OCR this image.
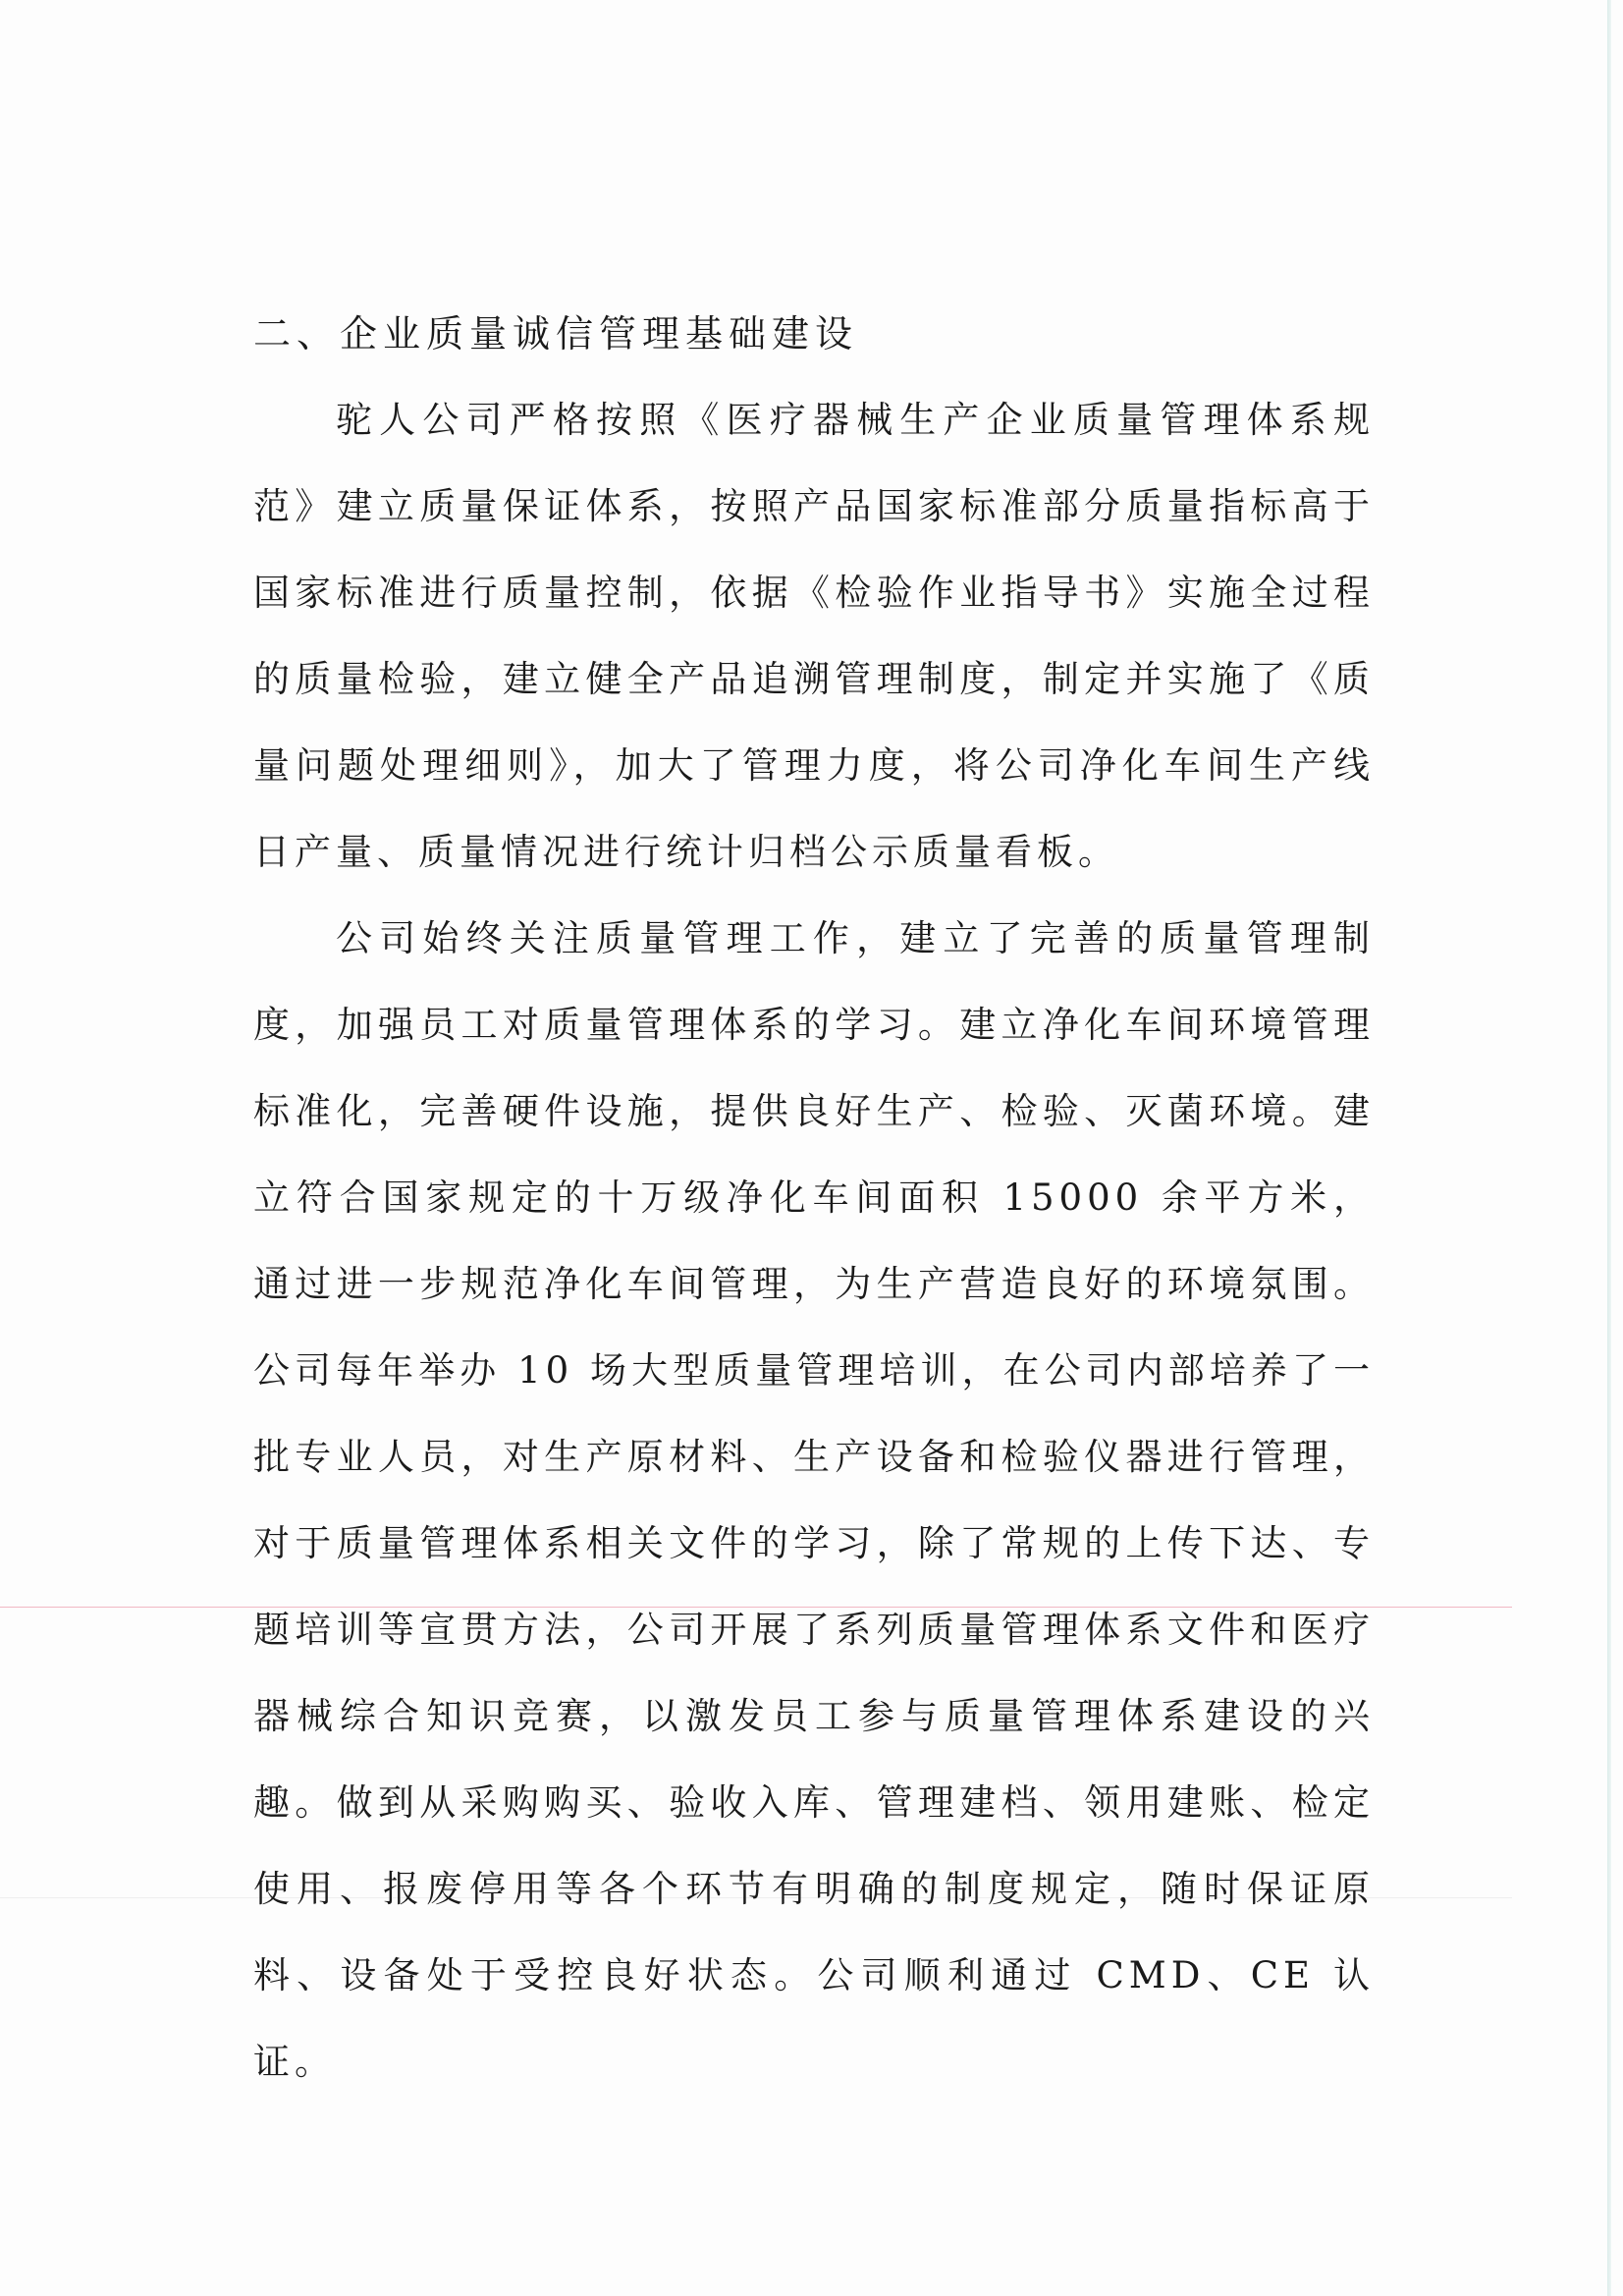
二、企业质量诚信管理基础建设

驼人公司严格按照《医疗器械生产企业质量管理体系规范》建立质量保证体系，按照产品国家标准部分质量指标高于国家标准进行质量控制，依据《检验作业指导书》实施全过程的质量检验，建立健全产品追溯管理制度，制定并实施了《质量问题处理细则》，加大了管理力度，将公司净化车间生产线日产量、质量情况进行统计归档公示质量看板。

公司始终关注质量管理工作，建立了完善的质量管理制度，加强员工对质量管理体系的学习。建立净化车间环境管理标准化，完善硬件设施，提供良好生产、检验、灭菌环境。建立符合国家规定的十万级净化车间面积 15000 余平方米，通过进一步规范净化车间管理，为生产营造良好的环境氛围。公司每年举办 10 场大型质量管理培训，在公司内部培养了一批专业人员，对生产原材料、生产设备和检验仪器进行管理，对于质量管理体系相关文件的学习，除了常规的上传下达、专题培训等宣贯方法，公司开展了系列质量管理体系文件和医疗器械综合知识竞赛，以激发员工参与质量管理体系建设的兴趣。做到从采购购买、验收入库、管理建档、领用建账、检定使用、报废停用等各个环节有明确的制度规定，随时保证原料、设备处于受控良好状态。公司顺利通过 CMD、CE 认证。
